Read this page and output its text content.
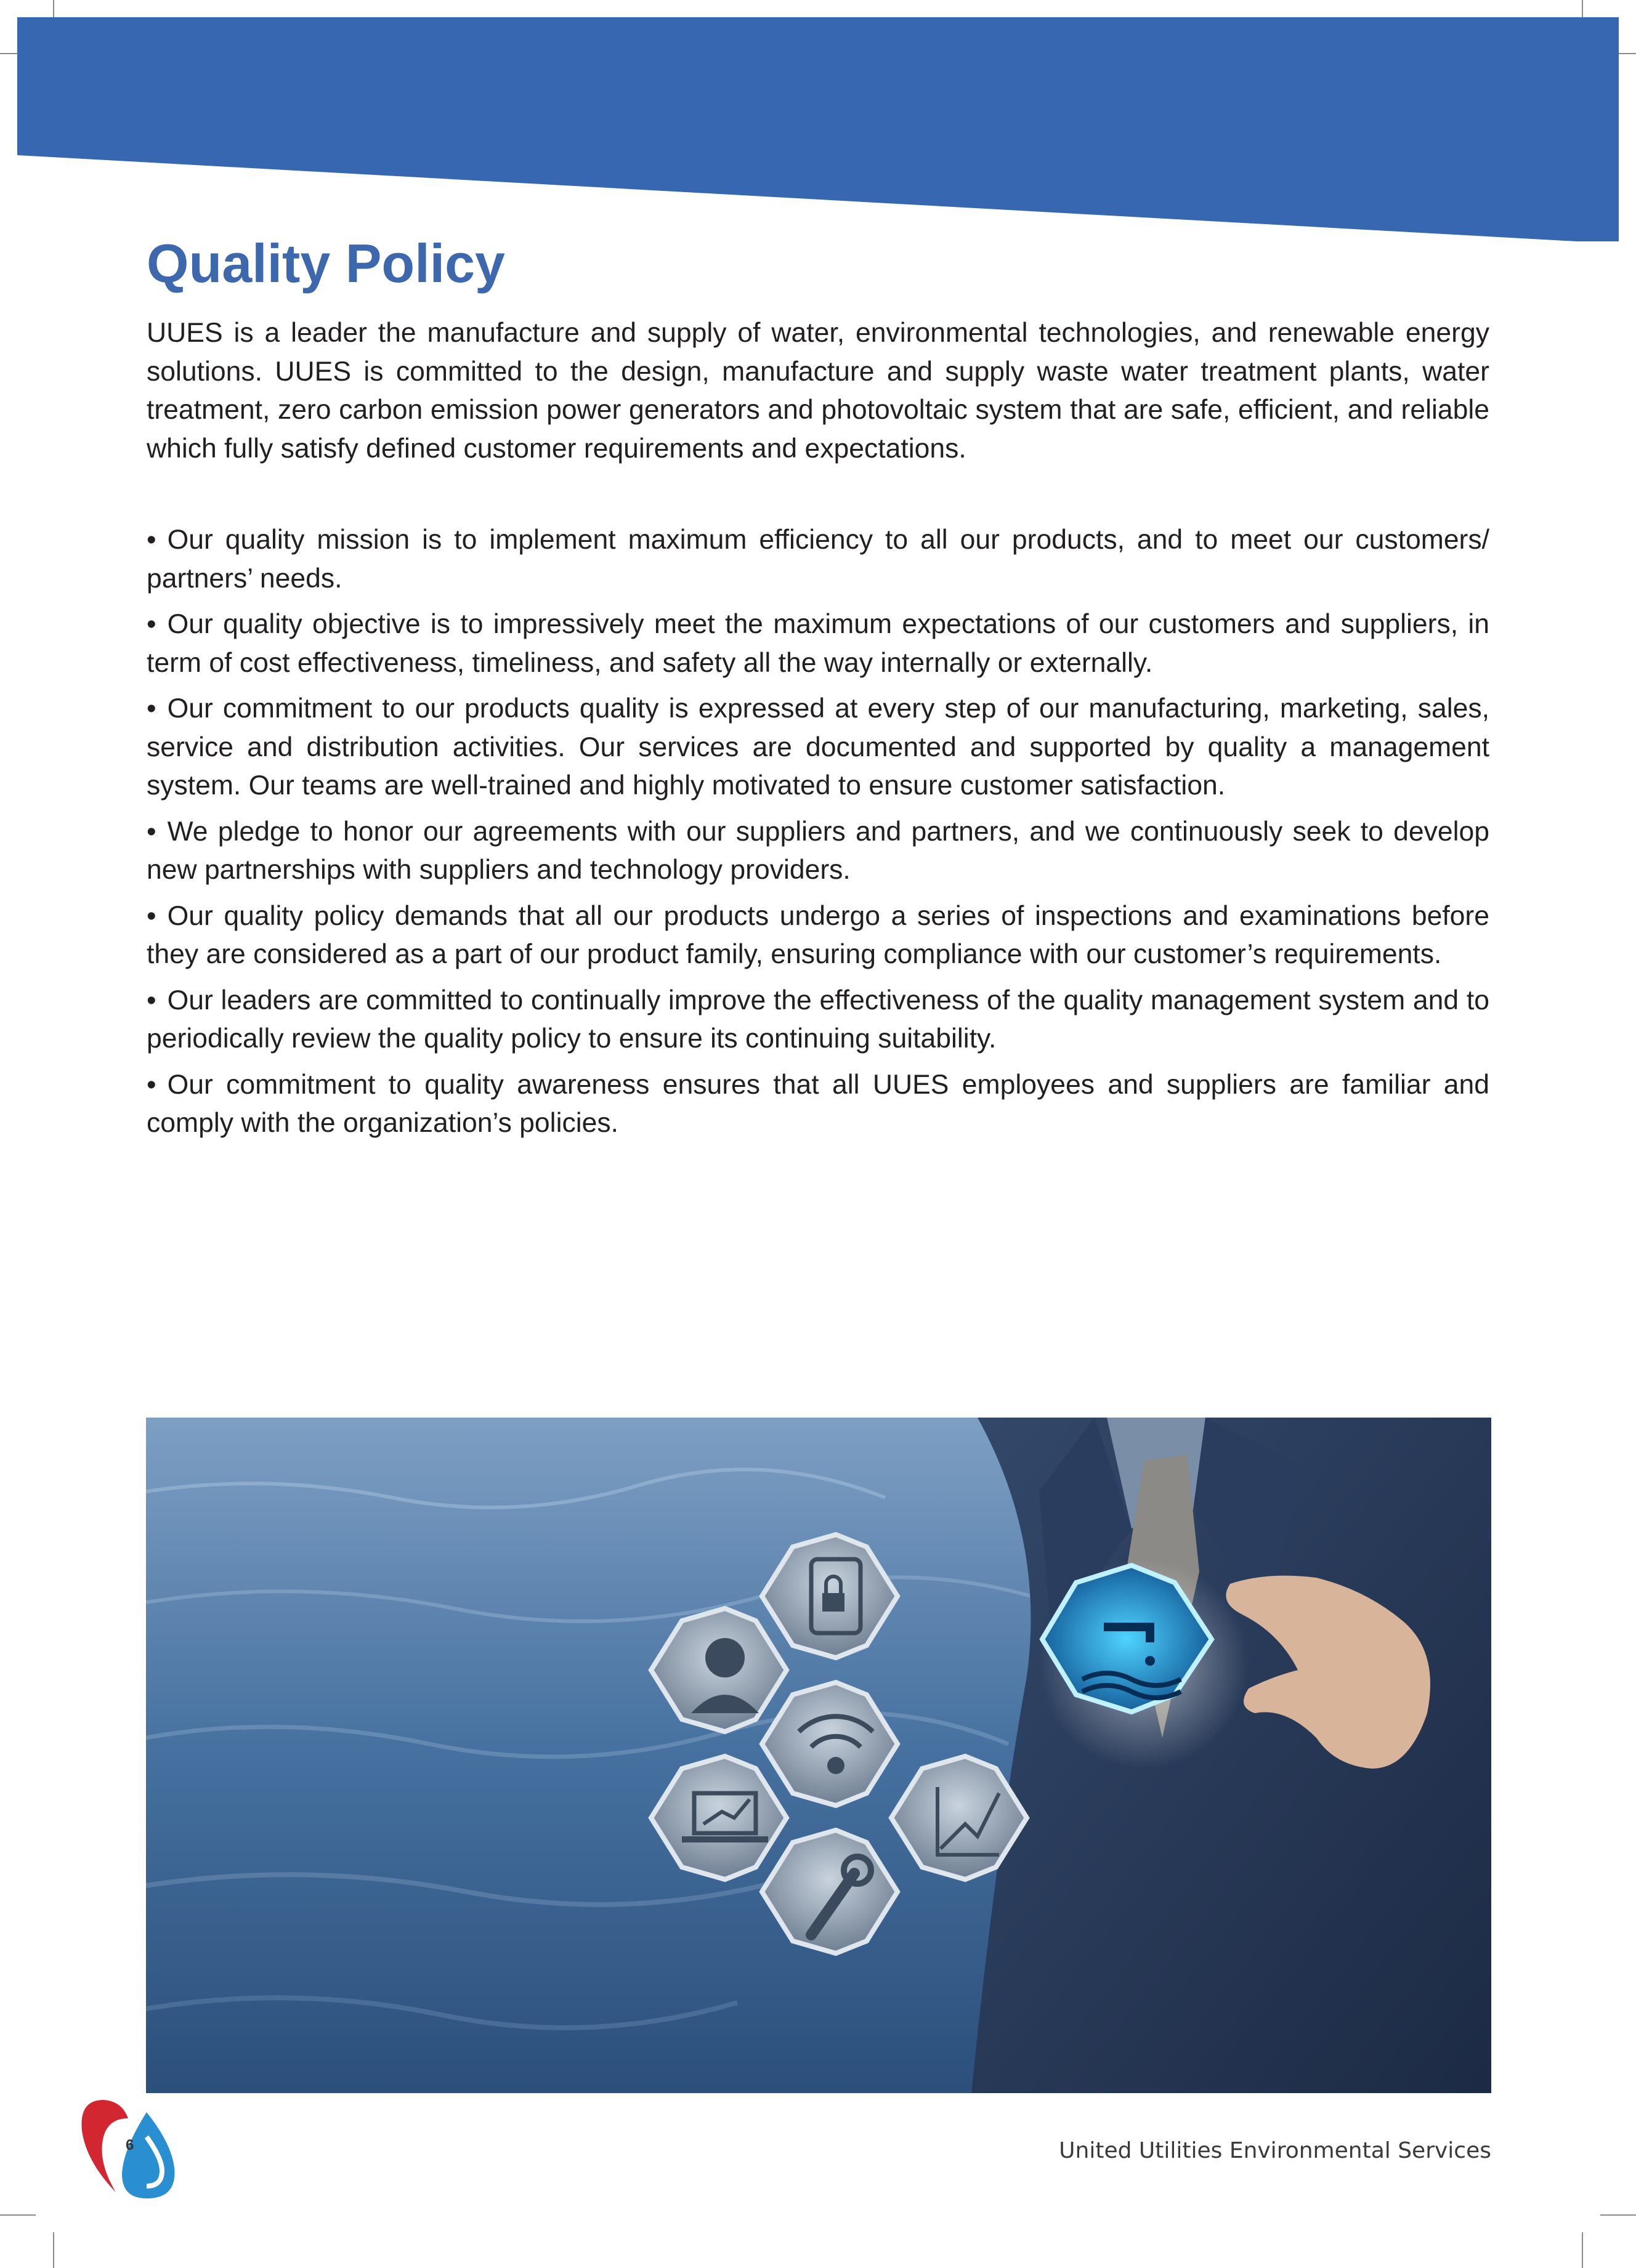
Quality Policy

UUES is a leader the manufacture and supply of water, environmental technologies, and renewable energy solutions. UUES is committed to the design, manufacture and supply waste water treatment plants, water treatment, zero carbon emission power generators and photovoltaic system that are safe, efficient, and reliable which fully satisfy defined customer requirements and expectations.

• Our quality mission is to implement maximum efficiency to all our products, and to meet our customers/ partners’ needs.
• Our quality objective is to impressively meet the maximum expectations of our customers and suppliers, in term of cost effectiveness, timeliness, and safety all the way internally or externally.
• Our commitment to our products quality is expressed at every step of our manufacturing, marketing, sales, service and distribution activities. Our services are documented and supported by quality a management system. Our teams are well-trained and highly motivated to ensure customer satisfaction.
• We pledge to honor our agreements with our suppliers and partners, and we continuously seek to develop new partnerships with suppliers and technology providers.
• Our quality policy demands that all our products undergo a series of inspections and examinations before they are considered as a part of our product family, ensuring compliance with our customer’s requirements.
• Our leaders are committed to continually improve the effectiveness of the quality management system and to periodically review the quality policy to ensure its continuing suitability.
• Our commitment to quality awareness ensures that all UUES employees and suppliers are familiar and comply with the organization’s policies.
6	United Utilities Environmental Services
